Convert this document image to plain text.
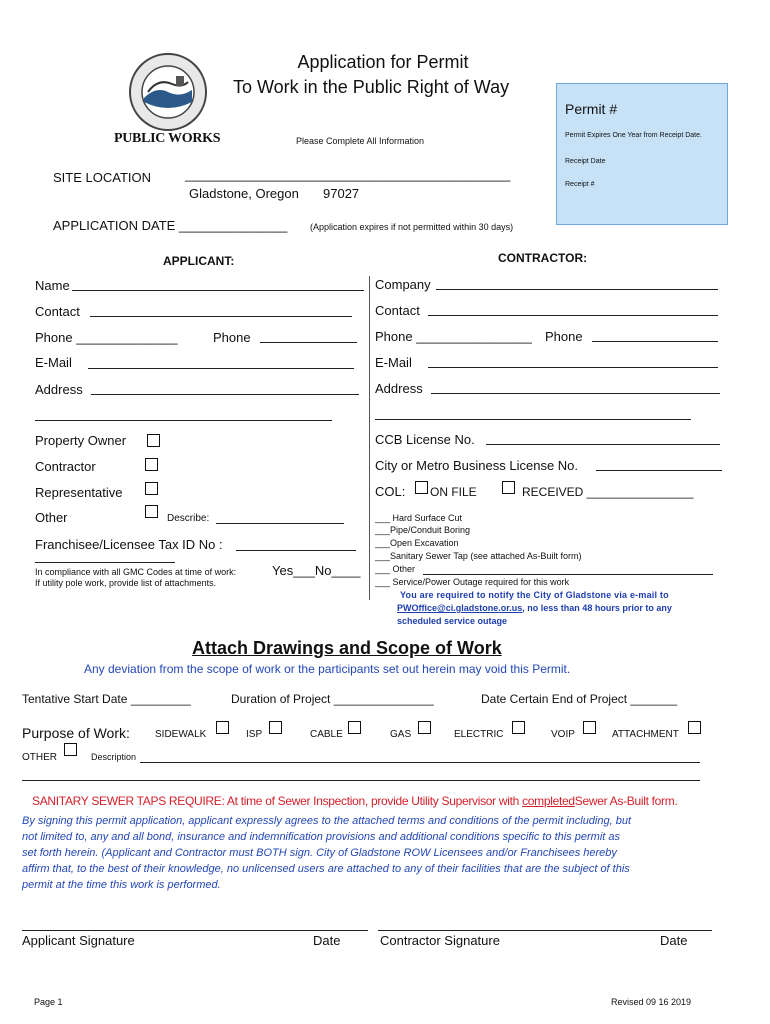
PUBLIC WORKS
Application for Permit
To Work in the Public Right of Way
Please Complete All Information
Permit #
Permit Expires One Year from Receipt Date.
Receipt Date
Receipt #
SITE LOCATION	_____________________________________________
Gladstone, Oregon 97027
APPLICATION DATE _______________	(Application expires if not permitted within 30 days)
APPLICANT:	CONTRACTOR:
Name
Contact
Phone ______________	Phone
E-Mail
Address
Property Owner
Contractor
Representative
Other	Describe:
Franchisee/Licensee Tax ID No :
In compliance with all GMC Codes at time of work:	Yes___No____
If utility pole work, provide list of attachments.
Company
Contact
Phone ________________ Phone
E-Mail
Address
CCB License No.
City or Metro Business License No.
COL: ON FILE	RECEIVED ________________
___ Hard Surface Cut
___Pipe/Conduit Boring
___Open Excavation
___Sanitary Sewer Tap (see attached As-Built form)
___ Other
___ Service/Power Outage required for this work
You are required to notify the City of Gladstone via e-mail to
PWOffice@ci.gladstone.or.us, no less than 48 hours prior to any
scheduled service outage
Attach Drawings and Scope of Work
Any deviation from the scope of work or the participants set out herein may void this Permit.
Tentative Start Date _________	Duration of Project _______________	Date Certain End of Project _______
Purpose of Work:	SIDEWALK	ISP	CABLE	GAS	ELECTRIC	VOIP	ATTACHMENT
OTHER	Description
SANITARY SEWER TAPS REQUIRE: At time of Sewer Inspection, provide Utility Supervisor with completedSewer As-Built form.
By signing this permit application, applicant expressly agrees to the attached terms and conditions of the permit including, but
not limited to, any and all bond, insurance and indemnification provisions and additional conditions specific to this permit as
set forth herein. (Applicant and Contractor must BOTH sign. City of Gladstone ROW Licensees and/or Franchisees hereby
affirm that, to the best of their knowledge, no unlicensed users are attached to any of their facilities that are the subject of this
permit at the time this work is performed.
Applicant Signature	Date	Contractor Signature	Date
Page 1	Revised 09 16 2019
